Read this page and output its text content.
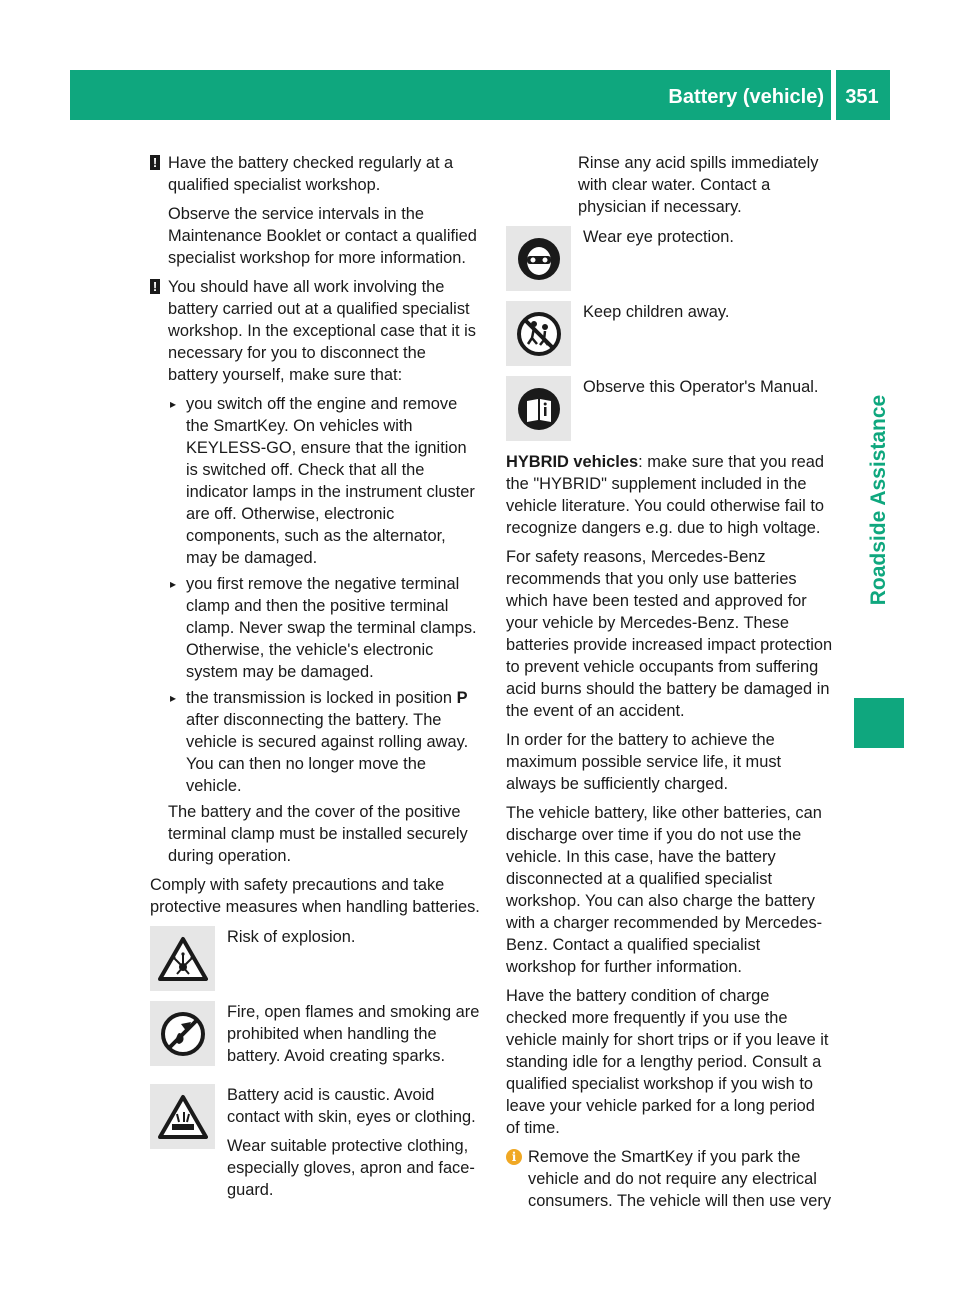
Battery (vehicle)	351
Roadside Assistance
! Have the battery checked regularly at a qualified specialist workshop.

Observe the service intervals in the Maintenance Booklet or contact a qualified specialist workshop for more information.

! You should have all work involving the battery carried out at a qualified specialist workshop. In the exceptional case that it is necessary for you to disconnect the battery yourself, make sure that:

▸ you switch off the engine and remove the SmartKey. On vehicles with KEYLESS-GO, ensure that the ignition is switched off. Check that all the indicator lamps in the instrument cluster are off. Otherwise, electronic components, such as the alternator, may be damaged.
▸ you first remove the negative terminal clamp and then the positive terminal clamp. Never swap the terminal clamps. Otherwise, the vehicle's electronic system may be damaged.
▸ the transmission is locked in position P after disconnecting the battery. The vehicle is secured against rolling away. You can then no longer move the vehicle.

The battery and the cover of the positive terminal clamp must be installed securely during operation.

Comply with safety precautions and take protective measures when handling batteries.

Risk of explosion.

Fire, open flames and smoking are prohibited when handling the battery. Avoid creating sparks.

Battery acid is caustic. Avoid contact with skin, eyes or clothing.

Wear suitable protective clothing, especially gloves, apron and face-guard.

Rinse any acid spills immediately with clear water. Contact a physician if necessary.

Wear eye protection.

Keep children away.

Observe this Operator's Manual.

HYBRID vehicles: make sure that you read the "HYBRID" supplement included in the vehicle literature. You could otherwise fail to recognize dangers e.g. due to high voltage.

For safety reasons, Mercedes-Benz recommends that you only use batteries which have been tested and approved for your vehicle by Mercedes-Benz. These batteries provide increased impact protection to prevent vehicle occupants from suffering acid burns should the battery be damaged in the event of an accident.

In order for the battery to achieve the maximum possible service life, it must always be sufficiently charged.

The vehicle battery, like other batteries, can discharge over time if you do not use the vehicle. In this case, have the battery disconnected at a qualified specialist workshop. You can also charge the battery with a charger recommended by Mercedes-Benz. Contact a qualified specialist workshop for further information.

Have the battery condition of charge checked more frequently if you use the vehicle mainly for short trips or if you leave it standing idle for a lengthy period. Consult a qualified specialist workshop if you wish to leave your vehicle parked for a long period of time.

i Remove the SmartKey if you park the vehicle and do not require any electrical consumers. The vehicle will then use very
